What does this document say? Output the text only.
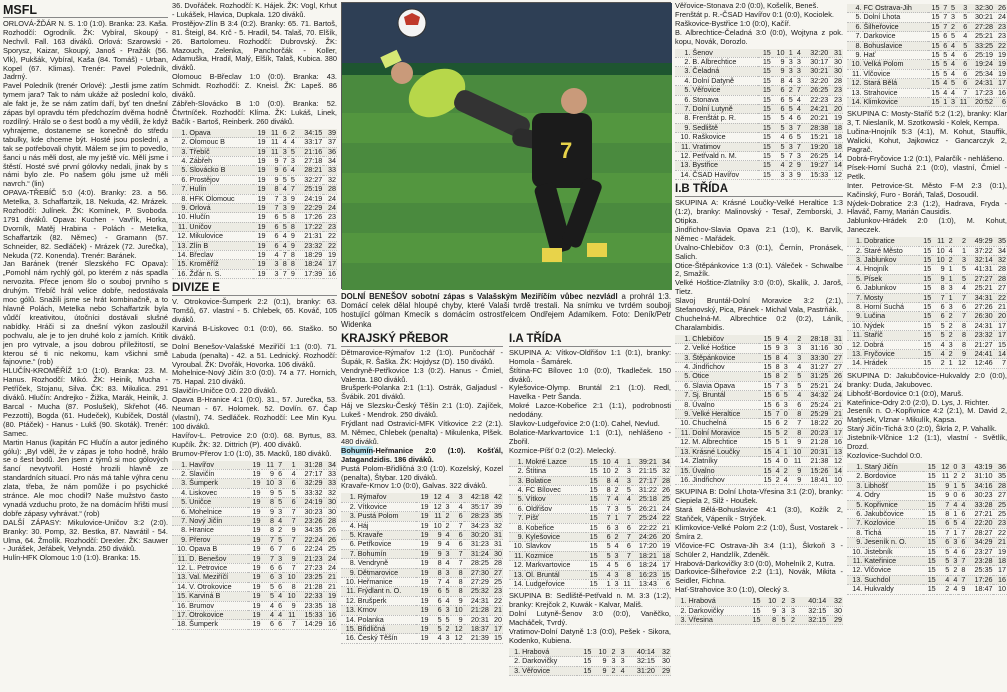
MSFL

ORLOVÁ-ŽĎÁR N. S. 1:0 (1:0). Branka: 23. Kaša. Rozhodčí: Ogrodník. ŽK: Vybíral, Skoupý - Nechvíl. Fall. 163 diváků. Orlová: Szarowski - Sporysz, Kaizar, Skoupý, Janoš - Pražák (56. Vlk), Pukšák, Vybíral, Kaša (84. Tomáš) - Urban, Kopel (67. Klimas). Trenér: Pavel Poledník, Jadrný.

Pavel Poledník (trenér Orlové): „Jestli jsme zatím tymem jara? Tak to nám ukáže až poslední kolo, ale fakt je, že se nám zatím daří, byť ten dnešní zápas byl opravdu tém předchozím dvěma hodně rozdílný. Hrálo se o šest bodů a my vědíli, že když vyhrajeme, dostaneme se konečně do středu tabulky, kde chceme být. Hosté jsou poslední, a tak se potřebovali chytit. Málem se jim to povedlo, šanci u nás měli dost, ale my ještě víc. Mělí jsme i štěstí. Hosté své první gólovky nedali, jinak by s námi bylo zle. Po našem gólu jsme už měli navrch.“ (lin)

OPAVA-TŘEBÍČ 5:0 (4:0). Branky: 23. a 56. Metelka, 3. Schaffartzik, 18. Nekuda, 42. Mrázek. Rozhodčí: Julínek. ŽK: Komínek, P. Svoboda. 1791 diváků. Opava: Kuchen - Vavřík, Horka, Dvorník, Matěj Hrabina - Polách - Metelka, Schaffartzik (82. Němec) - Gramann (57. Schneider, 82. Sedláček) - Mrázek (72. Jurečka), Nekuda (72. Konenda). Trenér: Baránek.

Jan Baránek (trenér Slezského FC Opava): „Pomohl nám rychlý gól, po kterém z nás spadla nervozita. Přece jenom šlo o souboj prvního s druhým. Třebíč hrál velice dobře, nedostávala moc gólů. Snažili jsme se hrát kombinačně, a to hlavně Polách, Metelka nebo Schaffartzik byla vůdčí kreativitou, útočníci dostávali slušné nabídky. Hráči si za dnešní výkon zasloužil pochvalu, ale je to jen druhé kolo z jarních. Kritik jen pro vytrvale, a jsou dobrou příležitostí, se kterou sé ti nic nekomu, kam všichni smě fajnovne.“ (rob)

HLUČÍN-KROMĚŘÍŽ 1:0 (1:0). Branka: 23. M. Hanus. Rozhodčí: Mikó. ŽK: Heinik, Mucha - Petříček, Stojanu, Silva. ČK: 83. Mikulica. 291 diváků. Hlučín: Andrejko - Žižka, Marák, Heinik, J. Barcal - Mucha (87. Poslušek), Skřehot (46. Pezzotti), Bogda (61. Hudeček), Kubíček, Dostál (80. Ptáček) - Hanus - Lukš (90. Skoták). Trenér: Samec.

Martin Hanus (kapitán FC Hlučín a autor jediného gólu): „Byl vděl, že v zápas je toho hodně, hrálo se o šest bodů. Jen jsem z týmů si moc gólových šancí nevytvořil. Hosté hrozili hlavně ze standardních situací. Pro nás má tahle výhra cenu zlata, třeba, že nám pomůže i po psychické stránce. Ale moc chodil? Naše mužstvo často vynadá vzduchu proto, že na domácím hřišti musí dobře zápasy vyhrávat.“ (rob)

DALŠÍ ZÁPASY: Mikulovice-Uničov 3:2 (2:0). Branky: 30. Pomp, 32. Bestka, 87. Navrátil - 54. Ulma, 64. Žmolík. Rozhodčí: Drexler. ŽK: Sauwer - Jurášek, Jeřábek, Velynda. 250 diváků.

Hulín-HFK Olomouc 1:0 (1:0). Branka: 15.

36. Dvořáček. Rozhodčí: K. Hájek. ŽK: Vogl, Krhut - Lukášek, Hlavica, Dupkala. 120 diváků.

Prostějov-Zlín B 3:4 (0:2). Branky: 65. 71. Bartoš, 81. Šteigl, 84. Krč - 5. Hradil, 54. Talaš, 70. Elšík, 26. Bartolomeu. Rozhodčí: Dubrovský. ŽK: Mazouch, Zelenka, Panchorčák - Koller, Adamuška, Hradil, Malý, Elšík, Talaš, Kubica. 380 diváků.

Olomouc B-Břeclav 1:0 (0:0). Branka: 43. Schmidt. Rozhodčí: Z. Kneisl. ŽK: Lapeš. 86 diváků.

Zábřeh-Slovácko B 1:0 (0:0). Branka: 52. Čtvrtníček. Rozhodčí: Klíma. ŽK: Lukáš, Linek, Bačík - Bartoš, Reinberk. 260 diváků.

1.	Opava	19	11	6	2	34:15	39
2.	Olomouc B	19	11	4	4	33:17	37
3.	Třebíč	19	11	3	5	21:16	36
4.	Zábřeh	19	9	7	3	27:18	34
5.	Slovácko B	19	9	6	4	28:21	33
6.	Prostějov	19	9	5	5	32:27	32
7.	Hulín	19	8	4	7	25:19	28
8.	HFK Olomouc	19	7	3	9	24:19	24
9.	Orlová	19	7	3	9	22:29	24
10.	Hlučín	19	6	5	8	17:26	23
11.	Uničov	19	6	5	8	17:22	23
12.	Mikulovice	19	6	4	9	21:31	22
13.	Zlín B	19	6	4	9	23:32	22
14.	Břeclav	19	4	7	8	18:29	19
15.	Kroměříž	19	3	8	8	18:24	17
16.	Žďár n. S.	19	3	7	9	17:39	16
DIVIZE E

V. Otrokovice-Šumperk 2:2 (0:1), branky: 63. Tomšů, 67. vlastní - 5. Chlebek, 65. Kováč, 105 diváků.

Karviná B-Liskovec 0:1 (0:0), 66. Staško. 50 diváků.

Dolní Benešov-Valašské Meziříčí 1:1 (0:0). 71. Labuda (penalta) - 42. a 51. Lednický. Rozhodčí: Vyroubal. ŽK: Dvořák, Hovorka. 106 diváků.

Mohelnice-Nový Jičín 3:0 (0:0). 74 a 77. Hornich, 75. Hapal. 210 diváků.

Slavičín-Uničce 0:0. 220 diváků.

Opava B-Hranice 4:1 (0:0). 31., 57. Jurečka, 53. Neuman - 67. Holomek. 52. Dovlín. 67. Čap (vlastní), 74. Sedláček. Rozhodčí: Lee Min Kyu. 100 diváků.

Havířov-L. Petrovice 2:0 (0:0). 68. Byrtus, 83. Kupčík. ŽK: 32. Dittrich (P). 400 diváků.

Brumov-Přerov 1:0 (1:0), 35. Macků, 180 diváků.

1.	Havířov	19	11	7	1	31:28	34
2.	Slavičín	19	9	6	4	27:17	33
3.	Šumperk	19	10	3	6	32:29	33
4.	Liskovec	19	9	5	5	33:32	32
5.	Uničce	19	8	5	6	24:19	30
6.	Mohelnice	19	9	3	7	30:23	30
7.	Nový Jičín	19	8	4	7	23:26	28
8.	Hranice	19	8	2	9	34:35	26
9.	Přerov	19	7	5	7	22:24	26
10.	Opava B	19	6	7	6	22:24	25
11.	D. Benešov	19	7	3	9	21:23	24
12.	L. Petrovice	19	6	6	7	27:23	24
13.	Val. Meziříčí	19	6	3	10	23:25	21
14.	V. Otrokovice	19	5	6	8	21:28	21
15.	Karviná B	19	5	4	10	22:33	19
16.	Brumov	19	4	6	9	23:35	18
17.	Otrokovice	19	4	4	11	15:33	16
18.	Šumperk	19	6	6	7	14:29	16
7

DOLNÍ BENEŠOV sobotní zápas s Valašským Meziříčím vůbec nezvládl a prohrál 1:3. Domácí celek dělal hloupé chyby, které Valaši tvrdě trestali. Na snímku ve tvrdém souboji hostující gólman Kmecík s domácím ostrostřelcem Ondřejem Adamíkem. Foto: Deník/Petr Widenka

KRAJSKÝ PŘEBOR

Dětmarovice-Rýmařov 1:2 (1:0). Punčochář - Šupák, R. Šaška. ŽK: Hojdysz (D). 150 diváků.

Vendryně-Petřkovice 1:3 (0:2). Hanus - Čmiel, Valenta. 180 diváků.

Brušperk-Polanka 2:1 (1:1). Ostrák, Galjadusl - Švábik. 201 diváků.

Háj ve Slezsku-Český Těšín 2:1 (1:0). Zajíček, Lukeš - Mendrok. 250 diváků.

Frýdlant nad Ostravicí-MFK Vítkovice 2:2 (2:1). M. Němec, Chlebek (penalta) - Mikulenka, Plšek. 480 diváků.

Bohumín-Heřmanice 2:0 (1:0). Košťál, Jatagandzidis. 186 diváků.

Pustá Polom-Břidličná 3:0 (1:0). Kozelský, Kozel (penalta), Štybar. 120 diváků.

Kravaře-Krnov 1:0 (0:0), Galvas. 322 diváků.

1.	Rýmařov	19	12	4	3	42:18	42
2.	Vítkovice	19	12	3	4	35:17	39
3.	Pustá Polom	19	11	2	6	28:23	35
4.	Háj	19	10	2	7	34:23	32
5.	Kravaře	19	9	4	6	30:20	31
6.	Petřkovice	19	9	4	6	31:23	31
7.	Bohumín	19	9	3	7	31:24	30
8.	Vendryně	19	8	4	7	28:25	28
9.	Dětmarovice	19	8	3	8	27:30	27
10.	Heřmanice	19	7	4	8	27:29	25
11.	Frýdlant n. O.	19	6	5	8	25:32	23
12.	Brušperk	19	6	4	9	24:31	22
13.	Krnov	19	6	3	10	21:28	21
14.	Polanka	19	5	5	9	20:31	20
15.	Břidličná	19	5	2	12	18:37	17
16.	Český Těšín	19	4	3	12	21:39	15
I.A TŘÍDA

SKUPINA A: Vítkov-Oldřišov 1:1 (0:1), branky: Homola - Šamárek.

Štítina-FC Bílovec 1:0 (0:0), Tkadleček. 150 diváků.

Kylešovice-Olymp. Bruntál 2:1 (1:0). Redl, Havelka - Petr Šanda.

Mokré Lazce-Kobeřice 2:1 (1:1), podrobnosti nedodány.

Slavkov-Ludgeřovice 2:0 (1:0). Cahel, Nevlud.

Bolatice-Markvartovice 1:1 (0:1), nehlášeno - Zbořil.

Kozmice-Píšť 0:2 (0:2). Melecký.

1.	Mokré Lazce	15	10	4	1	39:21	34
2.	Štítina	15	10	2	3	21:15	32
3.	Bolatice	15	8	4	3	27:17	28
4.	FC Bílovec	15	8	2	5	31:22	26
5.	Vítkov	15	7	4	4	25:18	25
6.	Oldřišov	15	7	3	5	26:21	24
7.	Píšť	15	7	1	7	25:24	22
8.	Kobeřice	15	6	3	6	22:22	21
9.	Kylešovice	15	6	2	7	24:26	20
10.	Slavkov	15	5	4	6	17:20	19
11.	Kozmice	15	5	3	7	18:21	18
12.	Markvartovice	15	4	5	6	18:24	17
13.	Ol. Bruntál	15	4	3	8	16:23	15
14.	Ludgeřovice	15	1	3	11	13:43	6

SKUPINA B: Sedliště-Petřvald n. M. 3:3 (1:2), branky: Krejčok 2, Kuwák - Kalvar, Mališ.

Dolní Lutyně-Šenov 3:0 (0:0), Vaněčko, Macháček, Tvrdý.

Vratimov-Dolní Datyně 1:3 (0:0), Pešek - Sikora, Kodenko, Kubiena.

1.	Hrabová	15	10	2	3	40:14	32
2.	Darkovičky	15	9	3	3	32:15	30
3.	Věřovice	15	9	2	4	31:20	29

Věřovice-Stonava 2:0 (0:0), Košelík, Beneš.

Frenštát p. R.-ČSAD Havířov 0:1 (0:0), Kociolek.

Raškovice-Bystřice 1:0 (0:0), Kačíř.

B. Albrechtice-Čeladná 3:0 (0:0), Wojtyna z pok. kopu, Novák, Dorozlo.

1.	Šenov	15	10	1	4	32:20	31
2.	B. Albrechtice	15	9	3	3	30:17	30
3.	Čeladná	15	9	3	3	30:21	30
4.	Dolní Datyně	15	8	4	3	32:20	28
5.	Věřovice	15	6	2	7	26:25	23
6.	Stonava	15	6	5	4	22:23	23
7.	Dolní Lutyně	15	6	5	4	24:21	20
8.	Frenštát p. R.	15	5	4	6	20:21	19
9.	Sedliště	15	5	3	7	28:38	18
10.	Raškovice	15	4	6	5	15:21	18
11.	Vratimov	15	5	3	7	19:20	18
12.	Petřvald n. M.	15	5	7	3	26:25	14
13.	Bystřice	15	4	2	9	19:27	14
14.	ČSAD Havířov	15	3	3	9	15:33	12
I.B TŘÍDA

SKUPINA A: Krásné Loučky-Velké Heraltice 1:3 (1:2), branky: Malinovský - Tesař, Zemborski, J. Otipka.

Jindřichov-Slavia Opava 2:1 (1:0), K. Barvík, Němec - Mařádek.

Úvalno-Chlebičov 0:3 (0:1), Černín, Pronásek, Salich.

Otice-Štěpánkovice 1:3 (0:1). Váleček - Schwalbe 2, Smažík.

Velké Hoštice-Zlatníky 3:0 (0:0), Skalík, J. Jaroš, Tietz.

Slavoj Bruntál-Dolní Moravice 3:2 (2:1), Stefanovský, Pica, Pánek - Michal Vala, Pastrňák.

Chuchelná-M. Albrechtice 0:2 (0:2), Láník, Charalambidis.

1.	Chlebičov	15	9	4	2	28:18	31
2.	Velké Hoštice	15	9	3	3	31:16	30
3.	Štěpánkovice	15	8	4	3	33:30	27
4.	Jindřichov	15	8	3	4	31:27	27
5.	Otice	15	8	2	5	31:25	26
6.	Slavia Opava	15	7	3	5	25:21	24
7.	Sj. Bruntál	15	6	5	4	34:32	24
8.	Úvalno	15	6	3	6	25:24	21
9.	Velké Heraltice	15	7	0	8	25:29	21
10.	Chuchelná	15	6	2	7	18:22	20
11.	Dolní Moravice	15	5	2	8	20:23	17
12.	M. Albrechtice	15	5	1	9	21:28	16
13.	Krásné Loučky	15	4	1	10	20:31	13
14.	Zlatníky	15	4	0	11	21:38	12
15.	Úvalno	15	4	2	9	15:26	14
16.	Jindřichov	15	2	4	9	18:41	10

SKUPINA B: Dolní Lhota-Vřesina 3:1 (2:0), branky: Ciepiela 2, Silž - Houšek.

Stará Bělá-Bohuslavice 4:1 (3:0), Kožík 2, Staňček, Vápeník - Strýček.

Klimkovice-Velké Polom 2:2 (1:0), Šust, Vostarek - Šmíra 2.

Vlčovice-FC Ostrava-Jih 3:4 (1:1), Škrkoň 3 - Schüler 2, Handzlík, Zdeněk.

Hrabová-Darkovičky 3:0 (0:0), Mohelník 2, Kutra.

Darkovice-Šilheřovice 2:2 (1:1), Novák, Mikita - Seidler, Fichna.

Hať-Strahovice 3:0 (1:0), Olecký 3.

1.	Hrabová	15	10	2	3	40:14	32
2.	Darkovičky	15	9	3	3	32:15	30
3.	Vřesina	15	8	5	2	32:15	29
4.	FC Ostrava-Jih	15	7	5	3	32:30	26
5.	Dolní Lhota	15	7	3	5	30:21	24
6.	Šilheřovice	15	7	2	6	27:28	23
7.	Darkovice	15	6	5	4	25:21	23
8.	Bohuslavice	15	6	4	5	33:25	22
9.	Hať	15	5	4	6	25:19	19
10.	Velká Polom	15	5	4	6	19:24	19
11.	Vlčovice	15	5	4	6	25:34	19
12.	Stará Bělá	15	4	5	6	24:31	17
13.	Strahovice	15	4	4	7	17:23	16
14.	Klimkovice	15	1	3	11	20:52	6

SKUPINA C: Mosty-Staříč 5:2 (1:2), branky: Klar 3, T. Nieslaník, M. Szotkowski - Kolek, Kempa.

Lučina-Hnojník 5:3 (4:1), M. Kohut, Stauffik, Walicki, Kohut, Jajkowicz - Gancarczyk 2, Pagrač.

Dobrá-Fryčovice 1:2 (0:1), Palarčík - nehlášeno.

Písek-Horní Suchá 2:1 (0:0), vlastní, Čmiel - Petlk.

Inter. Petrovice-St. Město F-M 2:3 (0:1), Kačinský, Furo - Boráň, Talaš, Dosoudil.

Nýdek-Dobratice 2:3 (1:2), Hadrava, Fryda - Hlaváč, Farny, Marián Causidis.

Jablunkov-Hrádek 2:0 (1:0), M. Kohut, Janeczek.

1.	Dobratice	15	11	2	2	49:29	35
2.	Staré Město	15	10	4	1	37:22	34
3.	Jablunkov	15	10	2	3	32:14	32
4.	Hnojník	15	9	1	5	41:31	28
5.	Písek	15	9	1	5	27:27	28
6.	Jablunkov	15	8	3	4	25:21	27
7.	Mosty	15	7	1	7	34:31	22
8.	Horní Suchá	15	6	3	6	27:26	21
9.	Lučina	15	6	2	7	26:30	20
10.	Nýdek	15	5	2	8	24:31	17
11.	Staříč	15	5	2	8	23:32	17
12.	Dobrá	15	4	3	8	21:27	15
13.	Fryčovice	15	4	2	9	24:41	14
14.	Hrádek	15	2	1	12	12:46	7

SKUPINA D: Jakubčovice-Hukvaldy 2:0 (0:0), branky: Duda, Jakubovec.

Libhošť-Bordovice 0:1 (0:0), Maruš.

Kateřinice-Odry 2:0 (2:0), D. Lys, J. Richter.

Jeseník n. O.-Kopřivnice 4:2 (2:1), M. David 2, Matýsek, Vlznar - Mikulík, Kapsa.

Starý Jičín-Tichá 3:0 (2:0), Škrla 2, P. Vahalík.

Jistebník-Vlčnice 1:2 (1:1), vlastní - Světlík, Drozd.

Kozlovice-Suchdol 0:0.

1.	Starý Jičín	15	12	0	3	43:19	36
2.	Bordovice	15	11	2	2	31:10	35
3.	Libhošť	15	9	1	5	34:16	28
4.	Odry	15	9	0	6	30:23	27
5.	Kopřivnice	15	7	4	4	33:28	25
6.	Jakubčovice	15	8	1	6	27:21	25
7.	Kozlovice	15	6	5	4	22:20	23
8.	Tichá	15	7	1	7	28:27	22
9.	Jeseník n. O.	15	6	3	6	34:29	21
10.	Jistebník	15	5	4	6	23:27	19
11.	Kateřinice	15	5	3	7	23:28	18
12.	Vlčovice	15	5	2	8	25:35	17
13.	Suchdol	15	4	4	7	17:26	16
14.	Hukvaldy	15	2	4	9	18:47	10
